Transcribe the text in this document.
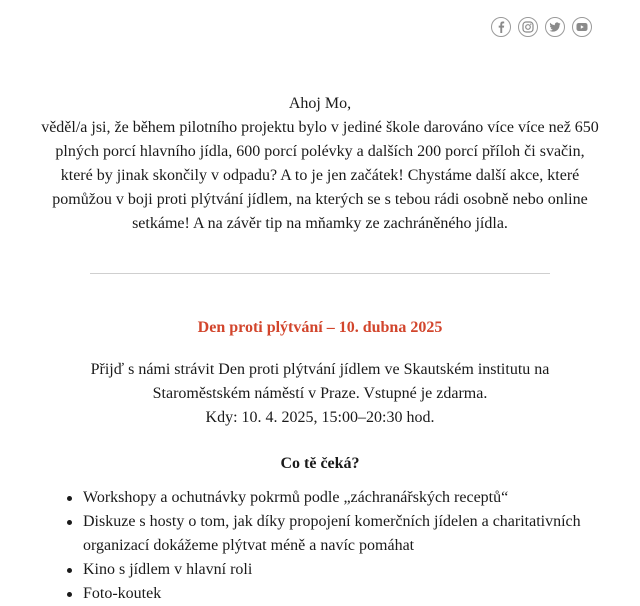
Ahoj Mo,

věděl/a jsi, že během pilotního projektu bylo v jediné škole darováno více více než 650 plných porcí hlavního jídla, 600 porcí polévky a dalších 200 porcí příloh či svačin, které by jinak skončily v odpadu? A to je jen začátek! Chystáme další akce, které pomůžou v boji proti plýtvání jídlem, na kterých se s tebou rádi osobně nebo online setkáme! A na závěr tip na mňamky ze zachráněného jídla.

Den proti plýtvání – 10. dubna 2025

Přijď s námi strávit Den proti plýtvání jídlem ve Skautském institutu na Staroměstském náměstí v Praze. Vstupné je zdarma.

Kdy: 10. 4. 2025, 15:00–20:30 hod.

Co tě čeká?
Workshopy a ochutnávky pokrmů podle „záchranářských receptů“
Diskuze s hosty o tom, jak díky propojení komerčních jídelen a charitativních organizací dokážeme plýtvat méně a navíc pomáhat
Kino s jídlem v hlavní roli
Foto-koutek
